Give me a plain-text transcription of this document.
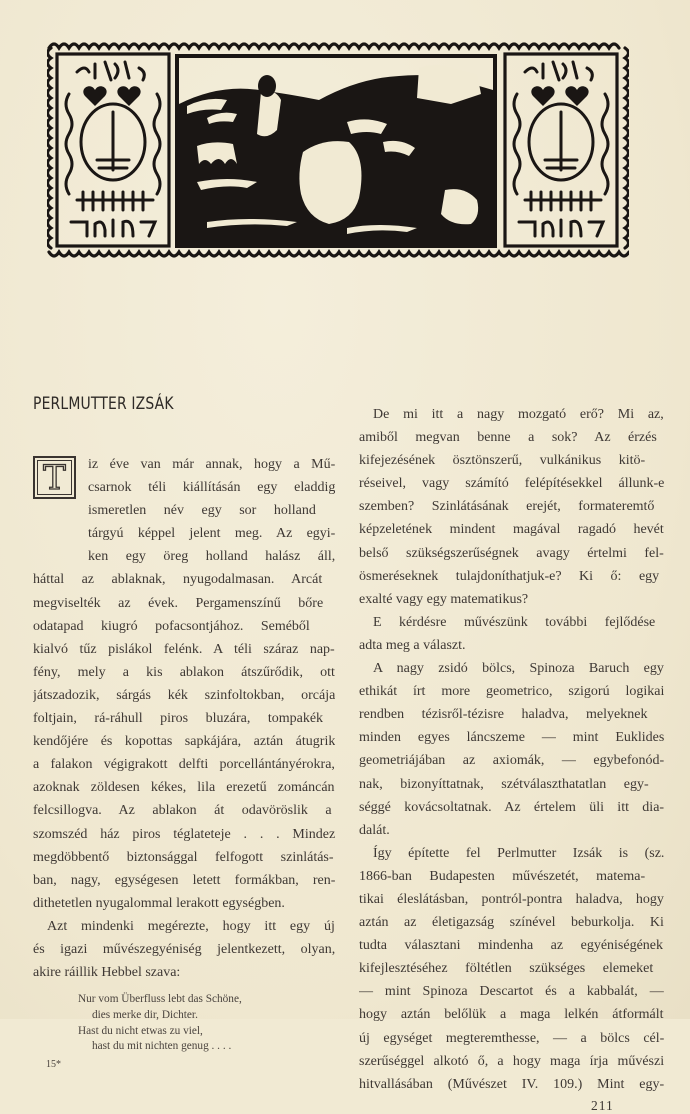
PERLMUTTER IZSÁK
T	iz éve van már annak, hogy a Mű-
csarnok téli kiállításán egy eladdig
ismeretlen név egy sor holland
tárgyú képpel jelent meg. Az egyi-
ken egy öreg holland halász áll,
háttal az ablaknak, nyugodalmasan. Arcát
megviselték az évek. Pergamenszínű bőre
odatapad kiugró pofacsontjához. Seméből
kialvó tűz pislákol felénk. A téli száraz nap-
fény, mely a kis ablakon átszűrődik, ott
játszadozik, sárgás kék szinfoltokban, orcája
foltjain, rá-ráhull piros bluzára, tompakék
kendőjére és kopottas sapkájára, aztán átugrik
a falakon végigrakott delfti porcellántányérokra,
azoknak zöldesen kékes, lila erezetű zománcán
felcsillogva. Az ablakon át odavöröslik a
szomszéd ház piros téglateteje . . . Mindez
megdöbbentő biztonsággal felfogott szinlátás-
ban, nagy, egységesen letett formákban, ren-
dithetetlen nyugalommal lerakott egységben.

Azt mindenki megérezte, hogy itt egy új
és igazi művészegyéniség jelentkezett, olyan,
akire ráillik Hebbel szava:

Nur vom Überfluss lebt das Schöne,
dies merke dir, Dichter.
Hast du nicht etwas zu viel,
hast du mit nichten genug . . . .

De mi itt a nagy mozgató erő? Mi az,
amiből megvan benne a sok? Az érzés
kifejezésének ösztönszerű, vulkánikus kitö-
réseivel, vagy számító felépítésekkel állunk-e
szemben? Szinlátásának erejét, formateremtő
képzeletének mindent magával ragadó hevét
belső szükségszerűségnek avagy értelmi fel-
ösmeréseknek tulajdoníthatjuk-e? Ki ő: egy
exalté vagy egy matematikus?

E kérdésre művészünk további fejlődése
adta meg a választ.

A nagy zsidó bölcs, Spinoza Baruch egy
ethikát írt more geometrico, szigorú logikai
rendben tézisről-tézisre haladva, melyeknek
minden egyes láncszeme — mint Euklides
geometriájában az axiomák, — egybefonód-
nak, bizonyíttatnak, szétválaszthatatlan egy-
séggé kovácsoltatnak. Az értelem üli itt dia-
dalát.

Így építette fel Perlmutter Izsák is (sz.
1866-ban Budapesten művészetét, matema-
tikai éleslátásban, pontról-pontra haladva, hogy
aztán az életigazság színével beburkolja. Ki
tudta választani mindenha az egyéniségének
kifejlesztéséhez föltétlen szükséges elemeket
— mint Spinoza Descartot és a kabbalát, —
hogy aztán belőlük a maga lelkén átformált
új egységet megteremthesse, — a bölcs cél-
szerűséggel alkotó ő, a hogy maga írja művészi
hitvallásában (Művészet IV. 109.) Mint egy-

15*
211
